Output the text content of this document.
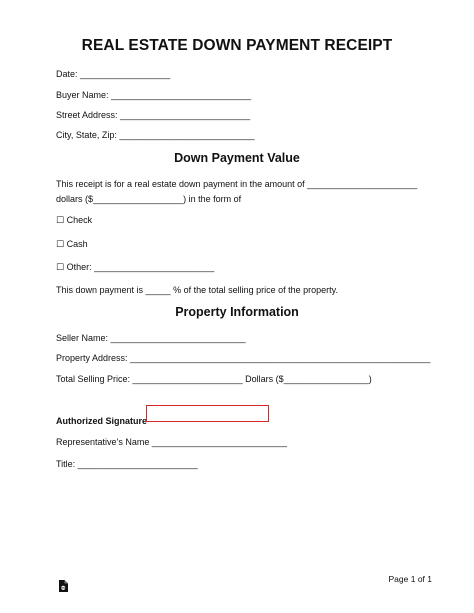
REAL ESTATE DOWN PAYMENT RECEIPT
Date: __________________
Buyer Name: ____________________________
Street Address: __________________________
City, State, Zip: ___________________________
Down Payment Value
This receipt is for a real estate down payment in the amount of ______________________
dollars ($__________________) in the form of
☐ Check
☐ Cash
☐ Other: ________________________
This down payment is _____ % of the total selling price of the property.
Property Information
Seller Name: ___________________________
Property Address: ____________________________________________________________
Total Selling Price: ______________________ Dollars ($_________________)
Authorized Signature
Representative’s Name ___________________________
Title: ________________________
Page 1 of 1
